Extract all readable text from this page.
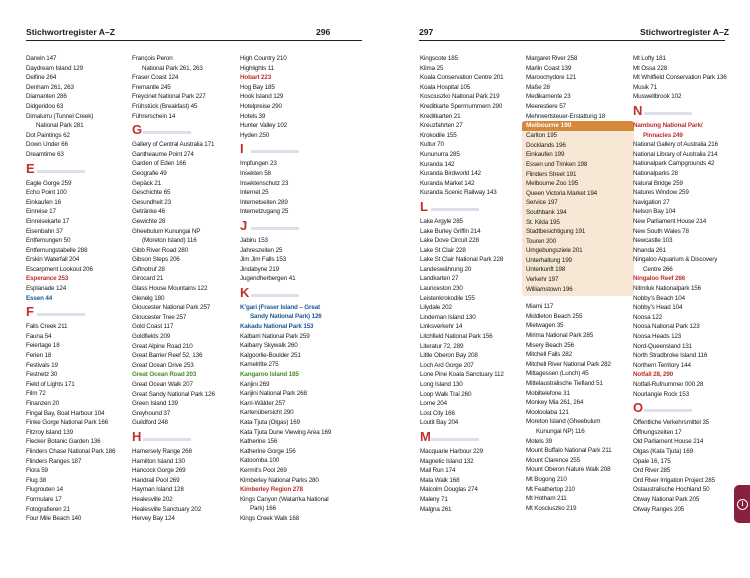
Stichwortregister A–Z	296
Darwin 147
Daydream Island 129
Delfine 264
Denham 261, 263
Diamanten 286
Didgeridoo 63
Dimalurru (Tunnel Creek)
National Park 281
Dot Paintings 62
Down Under 66
Dreamtime 63
E
Eagle Gorge 259
Echo Point 100
Einkaufen 16
Einreise 17
Einreisekarte 17
Eisenbahn 37
Entfernungen 50
Entfernungstabelle 288
Erskin Waterfall 204
Escarpment Lookout 206
Esperance 253
Esplanade 124
Essen 44
F
Falls Creek 211
Fauna 54
Feiertage 18
Ferien 18
Festivals 19
Festnetz 30
Field of Lights 171
Film 72
Finanzen 20
Fingal Bay, Boat Harbour 104
Finke Gorge National Park 166
Fitzroy Island 139
Flecker Botanic Garden 136
Flinders Chase National Park 186
Flinders Ranges 187
Flora 59
Flug 38
Flugrouten 14
Formulare 17
Fotografieren 21
Four Mile Beach 140
François Peron
National Park 261, 263
Fraser Coast 124
Fremantle 245
Freycinet National Park 227
Frühstück (Breakfast) 45
Führerschein 14
G
Gallery of Central Australia 171
Gantheaume Point 274
Garden of Eden 166
Geografie 49
Gepäck 21
Geschichte 65
Gesundheit 23
Getränke 46
Gewichte 28
Gheebulum Kunungai NP
(Moreton Island) 116
Gibb River Road 280
Gibson Steps 206
Giftnotruf 28
Girocard 21
Glass House Mountains 122
Glenelg 180
Gloucester National Park 257
Gloucester Tree 257
Gold Coast 117
Goldfields 209
Great Alpine Road 210
Great Barrier Reef 52, 136
Great Ocean Drive 253
Great Ocean Road 203
Great Ocean Walk 207
Great Sandy National Park 126
Green Island 139
Greyhound 37
Guildford 248
H
Hamersely Range 268
Hamilton Island 130
Hancock Gorge 269
Handrail Pool 269
Hayman Island 128
Healesville 202
Healesville Sanctuary 202
Hervey Bay 124
High Country 210
Highlights 11
Hobart 223
Hog Bay 185
Hook Island 129
Hotelpreise 290
Hotels 39
Hunter Valley 102
Hyden 250
I
Impfungen 23
Insekten 58
Insektenschutz 23
Internet 25
Internetseiten 289
Internetzugang 25
J
Jabiru 153
Jahreszeiten 25
Jim Jim Falls 153
Jindabyne 219
Jugendherbergen 41
K
K’gari (Fraser Island – Great
Sandy National Park) 126
Kakadu National Park 153
Kalbarri National Park 259
Kalbarry Skywalk 260
Kalgoorlie-Boulder 251
Kamelritte 275
Kangaroo Island 185
Karijini 269
Karijini National Park 268
Karri-Wälder 257
Kartenübersicht 290
Kata Tjuta (Olgas) 169
Kata Tjuta Dune Viewing Area 169
Katherine 156
Katherine Gorge 156
Katoomba 100
Kermit’s Pool 269
Kimberley National Parks 280
Kimberley Region 278
Kings Canyon (Watarrka National
Park) 166
Kings Creek Walk 168
297	Stichwortregister A–Z
Kingscote 185
Klima 25
Koala Conservation Centre 201
Koala Hospital 105
Kosciuszko National Park 219
Kreditkarte Sperrnummern 290
Kreditkarten 21
Kreuzfahrten 27
Krokodile 155
Kultur 70
Kununurra 285
Kuranda 142
Kuranda Birdworld 142
Kuranda Market 142
Kuranda Scenic Railway 143
L
Lake Argyle 285
Lake Burley Griffin 214
Lake Dove Circuit 228
Lake St Clair 228
Lake St Clair National Park 228
Landeswährung 20
Landkarten 27
Launceston 230
Leistenkrokodile 155
Lilydale 202
Lindeman Island 130
Linksverkehr 14
Litchfield National Park 156
Literatur 72, 289
Little Oberon Bay 208
Loch Ard Gorge 207
Lone Pine Koala Sanctuary 112
Long Island 130
Loop Walk Trai 260
Lorne 204
Lost City 166
Loutit Bay 204
M
Macquarie Harbour 229
Magnetic Island 132
Mail Run 174
Mala Walk 168
Malcolm Douglas 274
Maleny 71
Malgna 261
Margaret River 258
Marlin Coast 139
Maroochydore 121
Maße 28
Medikamente 23
Meerestiere 57
Mehrwertsteuer-Erstattung 18
Melbourne 190
Carlton 195
Docklands 196
Einkaufen 199
Essen und Trinken 198
Flinders Street 191
Melbourne Zoo 195
Queen Victoria Market 194
Service 197
Southbank 194
St. Kilda 195
Stadtbesichtigung 191
Touren 200
Umgebungsziele 201
Unterhaltung 199
Unterkunft 198
Verkehr 197
Williamstown 196
Miami 117
Middleton Beach 255
Mietwagen 35
Mirima National Park 285
Misery Beach 256
Mitchell Falls 282
Mitchell River National Park 282
Mittagessen (Lunch) 45
Mittelaustralische Tiefland 51
Mobiltelefone 31
Monkey Mia 261, 264
Mooloolaba 121
Moreton Island (Gheebulum
Kunungai NP) 116
Motels 39
Mount Buffalo National Park 211
Mount Clarence 255
Mount Oberon Nature Walk 208
Mt Bogong 210
Mt Feathertop 210
Mt Hotham 211
Mt Kosciuszko 219
Mt Lofty 181
Mt Ossa 228
Mt Whitfield Conservation Park 136
Musik 71
Muswellbrook 102
N
Nambung National Park/
Pinnacles 249
National Gallery of Australia 216
National Library of Australia 214
Nationalpark Campgrounds 42
Nationalparks 28
Natural Bridge 259
Natures Window 259
Navigation 27
Nelson Bay 104
New Parliament House 214
New South Wales 78
Newcastle 103
Nhanda 261
Ningaloo Aquarium & Discovery
Centre 266
Ningaloo Reef 266
Nitmiluk Nationalpark 156
Nobby’s Beach 104
Nobby’s Head 104
Noosa 122
Noosa National Park 123
Noosa Heads 123
Nord-Queensland 131
North Stradbroke Island 116
Northern Territory 144
Notfall 28, 290
Notfall-Rufnummer 000 28
Nourlangie Rock 153
O
Öffentliche Verkehrsmittel 35
Öffnungszeiten 17
Old Parliament House 214
Olgas (Kata Tjuta) 169
Opale 16, 175
Ord River 285
Ord River Irrigation Project 285
Ostaustralische Hochland 50
Otway National Park 205
Otway Ranges 205
i
